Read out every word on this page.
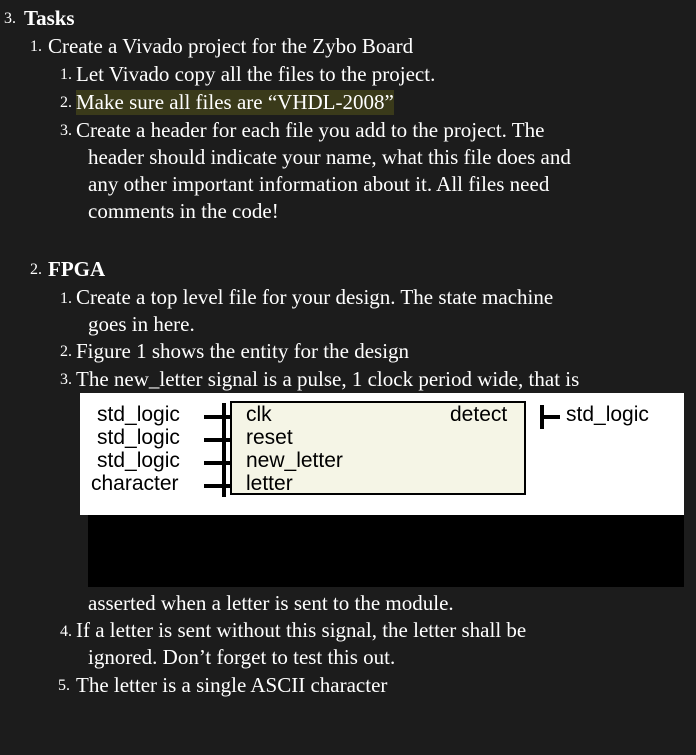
3. Tasks
1. Create a Vivado project for the Zybo Board
1. Let Vivado copy all the files to the project.
2. Make sure all files are “VHDL-2008”
3. Create a header for each file you add to the project. The
header should indicate your name, what this file does and
any other important information about it. All files need
comments in the code!
2. FPGA
1. Create a top level file for your design. The state machine
goes in here.
2. Figure 1 shows the entity for the design
3. The new_letter signal is a pulse, 1 clock period wide, that is
std_logic
std_logic
std_logic
character
clk
reset
new_letter
letter
detect	std_logic
asserted when a letter is sent to the module.
4. If a letter is sent without this signal, the letter shall be
ignored. Don’t forget to test this out.
5. The letter is a single ASCII character
